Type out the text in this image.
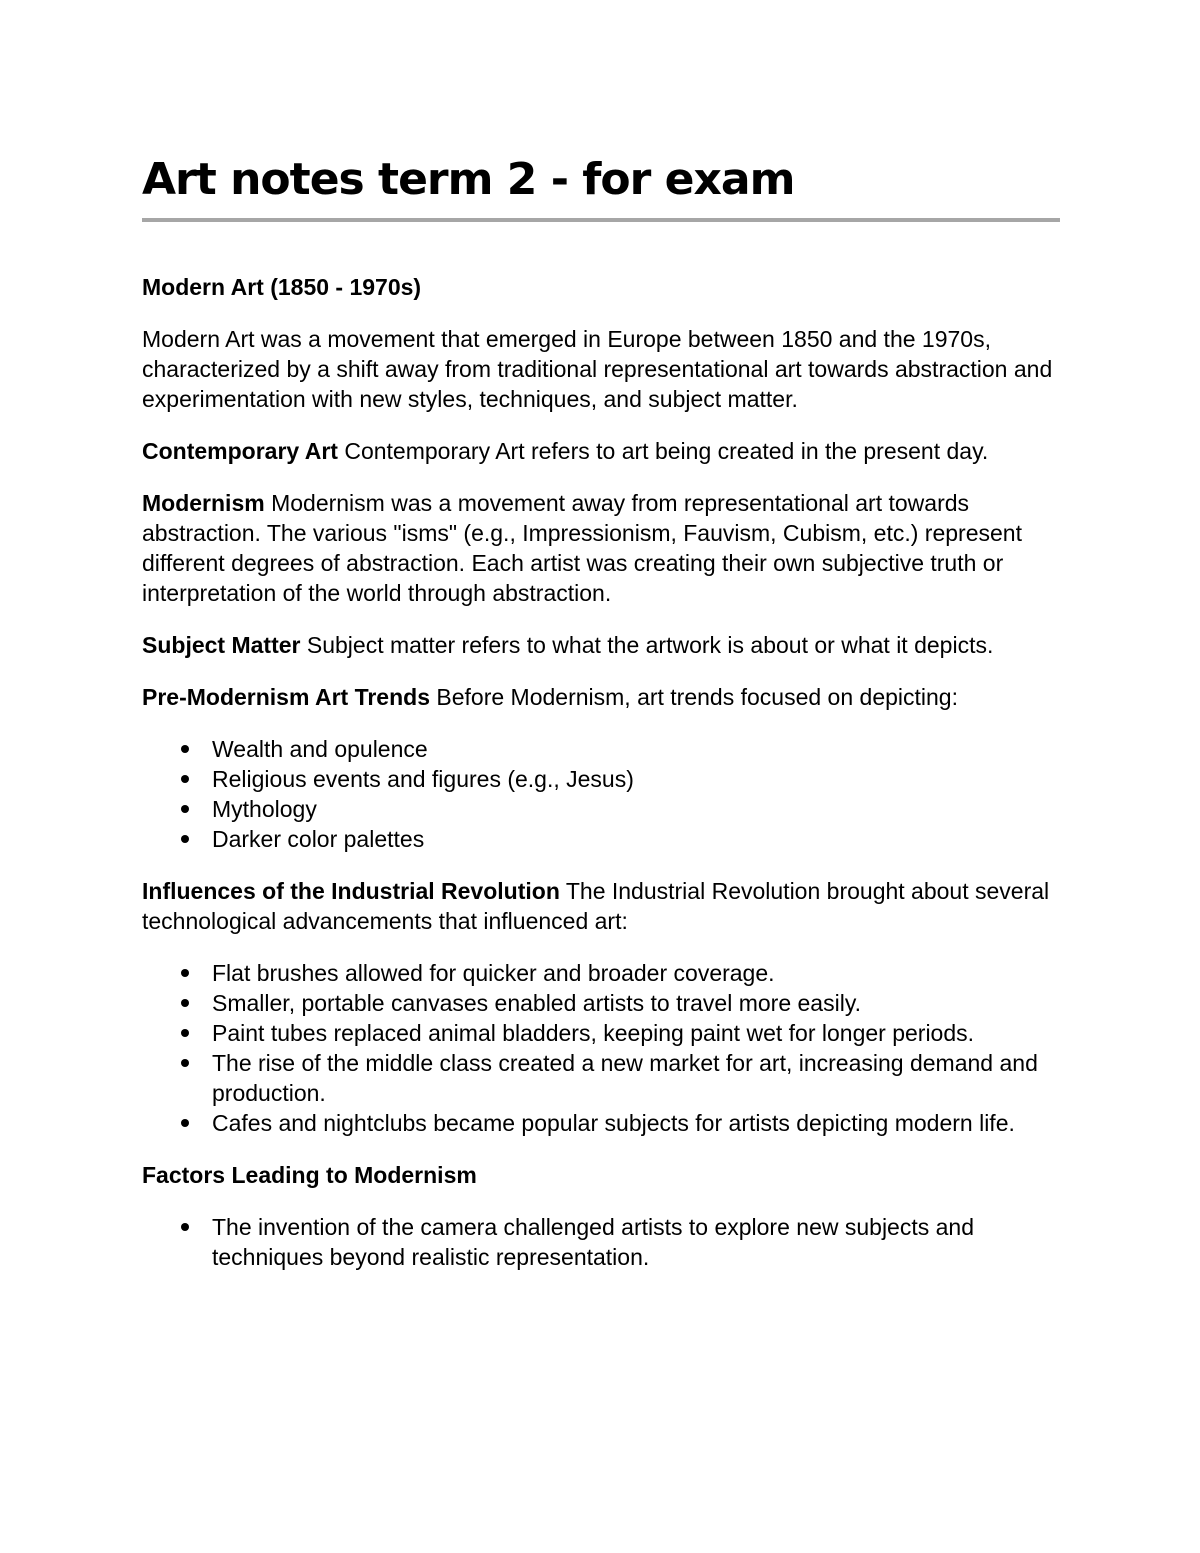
Art notes term 2 - for exam

Modern Art (1850 - 1970s)

Modern Art was a movement that emerged in Europe between 1850 and the 1970s, characterized by a shift away from traditional representational art towards abstraction and experimentation with new styles, techniques, and subject matter.

Contemporary Art Contemporary Art refers to art being created in the present day.

Modernism Modernism was a movement away from representational art towards abstraction. The various "isms" (e.g., Impressionism, Fauvism, Cubism, etc.) represent different degrees of abstraction. Each artist was creating their own subjective truth or interpretation of the world through abstraction.

Subject Matter Subject matter refers to what the artwork is about or what it depicts.

Pre-Modernism Art Trends Before Modernism, art trends focused on depicting:

Wealth and opulence
Religious events and figures (e.g., Jesus)
Mythology
Darker color palettes

Influences of the Industrial Revolution The Industrial Revolution brought about several technological advancements that influenced art:

Flat brushes allowed for quicker and broader coverage.
Smaller, portable canvases enabled artists to travel more easily.
Paint tubes replaced animal bladders, keeping paint wet for longer periods.
The rise of the middle class created a new market for art, increasing demand and production.
Cafes and nightclubs became popular subjects for artists depicting modern life.

Factors Leading to Modernism

The invention of the camera challenged artists to explore new subjects and techniques beyond realistic representation.
